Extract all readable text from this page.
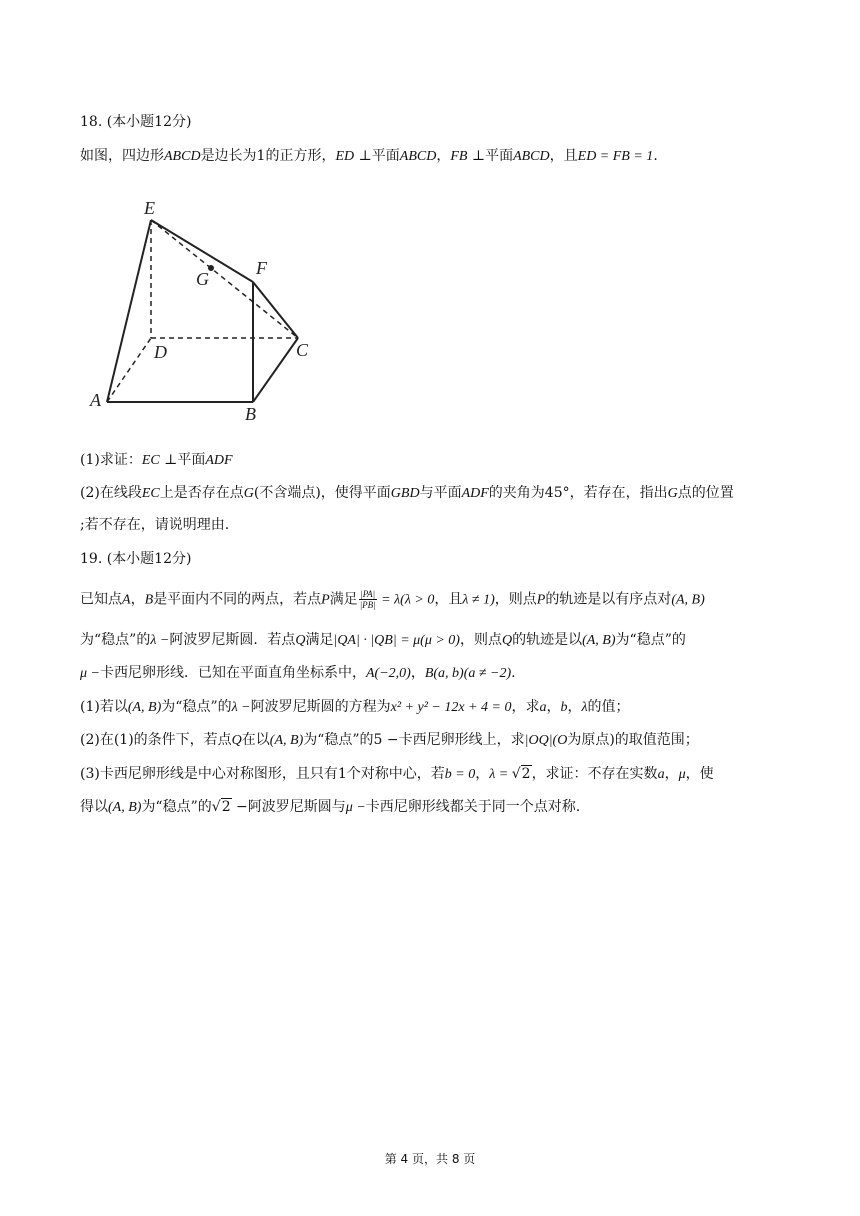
18. (本小题12分)
如图，四边形ABCD是边长为1的正方形，ED ⊥平面ABCD，FB ⊥平面ABCD，且ED = FB = 1.
E
F
G
D	C
A
B
(1)求证：EC ⊥平面ADF
(2)在线段EC上是否存在点G(不含端点)，使得平面GBD与平面ADF的夹角为45°，若存在，指出G点的位置
;若不存在，请说明理由.
19. (本小题12分)
已知点A，B是平面内不同的两点，若点P满足 $\frac{|PA|}{|PB|} = \lambda(\lambda > 0$，且λ ≠ 1)，则点P的轨迹是以有序点对(A, B)
为“稳点”的λ −阿波罗尼斯圆．若点Q满足|QA| · |QB| = μ(μ > 0)，则点Q的轨迹是以(A, B)为“稳点”的
μ −卡西尼卵形线．已知在平面直角坐标系中，A(−2,0)，B(a, b)(a ≠ −2).
(1)若以(A, B)为“稳点”的λ −阿波罗尼斯圆的方程为x² + y² − 12x + 4 = 0，求a，b，λ的值；
(2)在(1)的条件下，若点Q在以(A, B)为“稳点”的5 −卡西尼卵形线上，求|OQ|(O为原点)的取值范围；
(3)卡西尼卵形线是中心对称图形，且只有1个对称中心，若b = 0，λ = √2，求证：不存在实数a，μ，使
得以(A, B)为“稳点”的√2 −阿波罗尼斯圆与μ −卡西尼卵形线都关于同一个点对称.
第 4 页，共 8 页
